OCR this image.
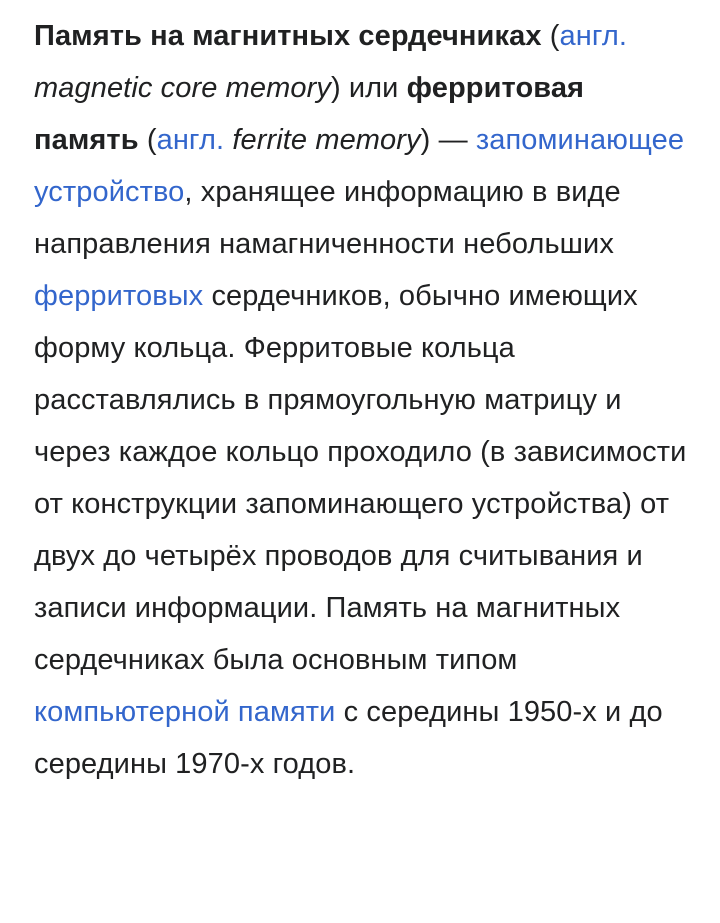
Память на магнитных сердечниках (англ. magnetic core memory) или ферритовая память (англ. ferrite memory) — запоминающее устройство, хранящее информацию в виде направления намагниченности небольших ферритовых сердечников, обычно имеющих форму кольца. Ферритовые кольца расставлялись в прямоугольную матрицу и через каждое кольцо проходило (в зависимости от конструкции запоминающего устройства) от двух до четырёх проводов для считывания и записи информации. Память на магнитных сердечниках была основным типом компьютерной памяти с середины 1950-х и до середины 1970-х годов.
